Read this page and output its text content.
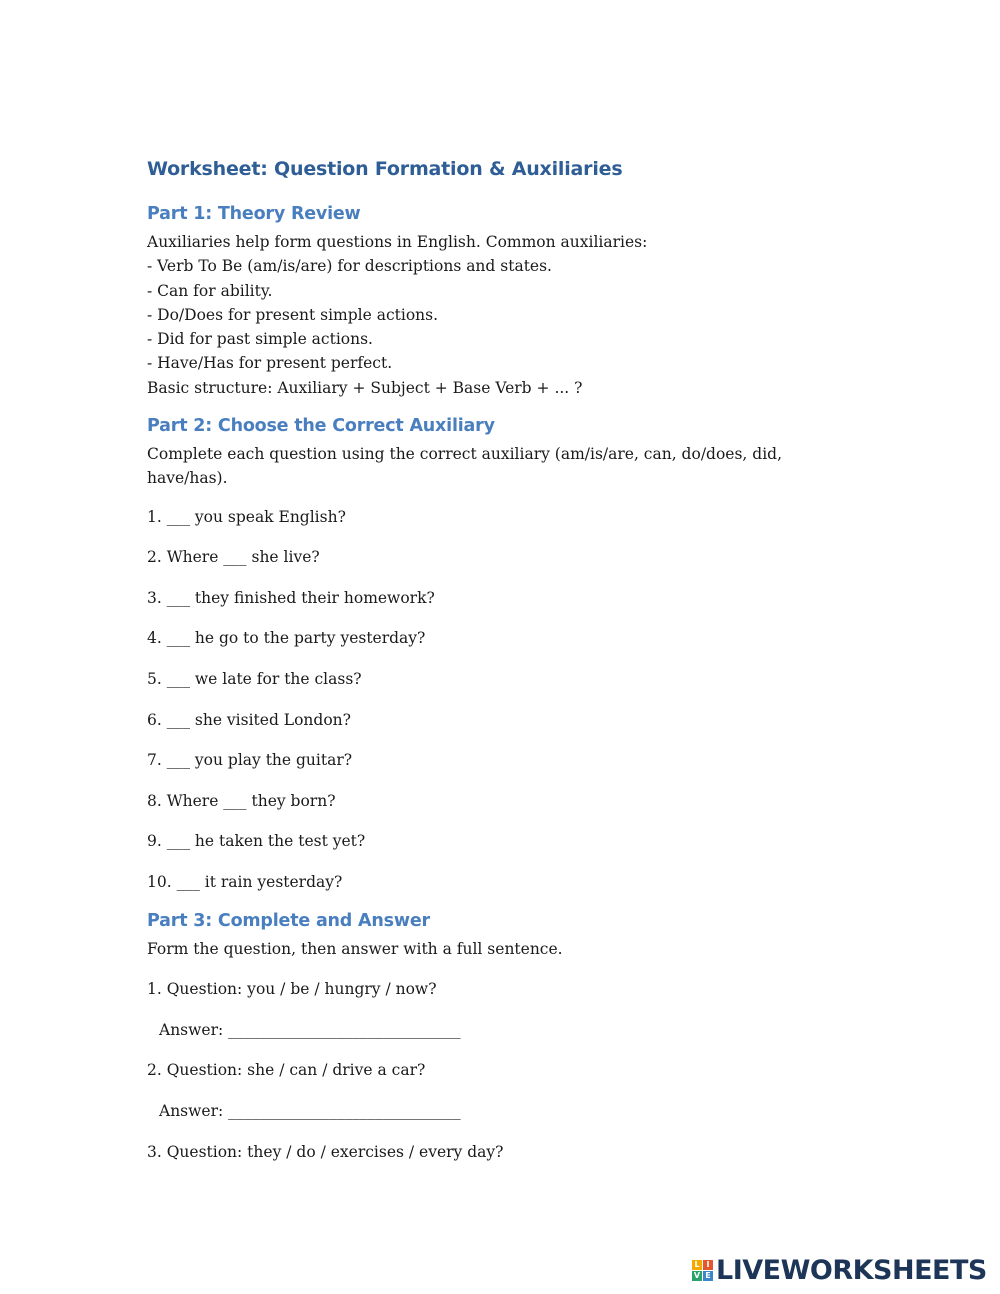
Worksheet: Question Formation & Auxiliaries
Part 1: Theory Review

Auxiliaries help form questions in English. Common auxiliaries:

- Verb To Be (am/is/are) for descriptions and states.

- Can for ability.

- Do/Does for present simple actions.

- Did for past simple actions.

- Have/Has for present perfect.

Basic structure: Auxiliary + Subject + Base Verb + ... ?

Part 2: Choose the Correct Auxiliary

Complete each question using the correct auxiliary (am/is/are, can, do/does, did,

have/has).

1. ___ you speak English?

2. Where ___ she live?

3. ___ they finished their homework?

4. ___ he go to the party yesterday?

5. ___ we late for the class?

6. ___ she visited London?

7. ___ you play the guitar?

8. Where ___ they born?

9. ___ he taken the test yet?

10. ___ it rain yesterday?

Part 3: Complete and Answer

Form the question, then answer with a full sentence.

1. Question: you / be / hungry / now?

Answer: ______________________________

2. Question: she / can / drive a car?

Answer: ______________________________

3. Question: they / do / exercises / every day?

L I
V E LIVEWORKSHEETS
